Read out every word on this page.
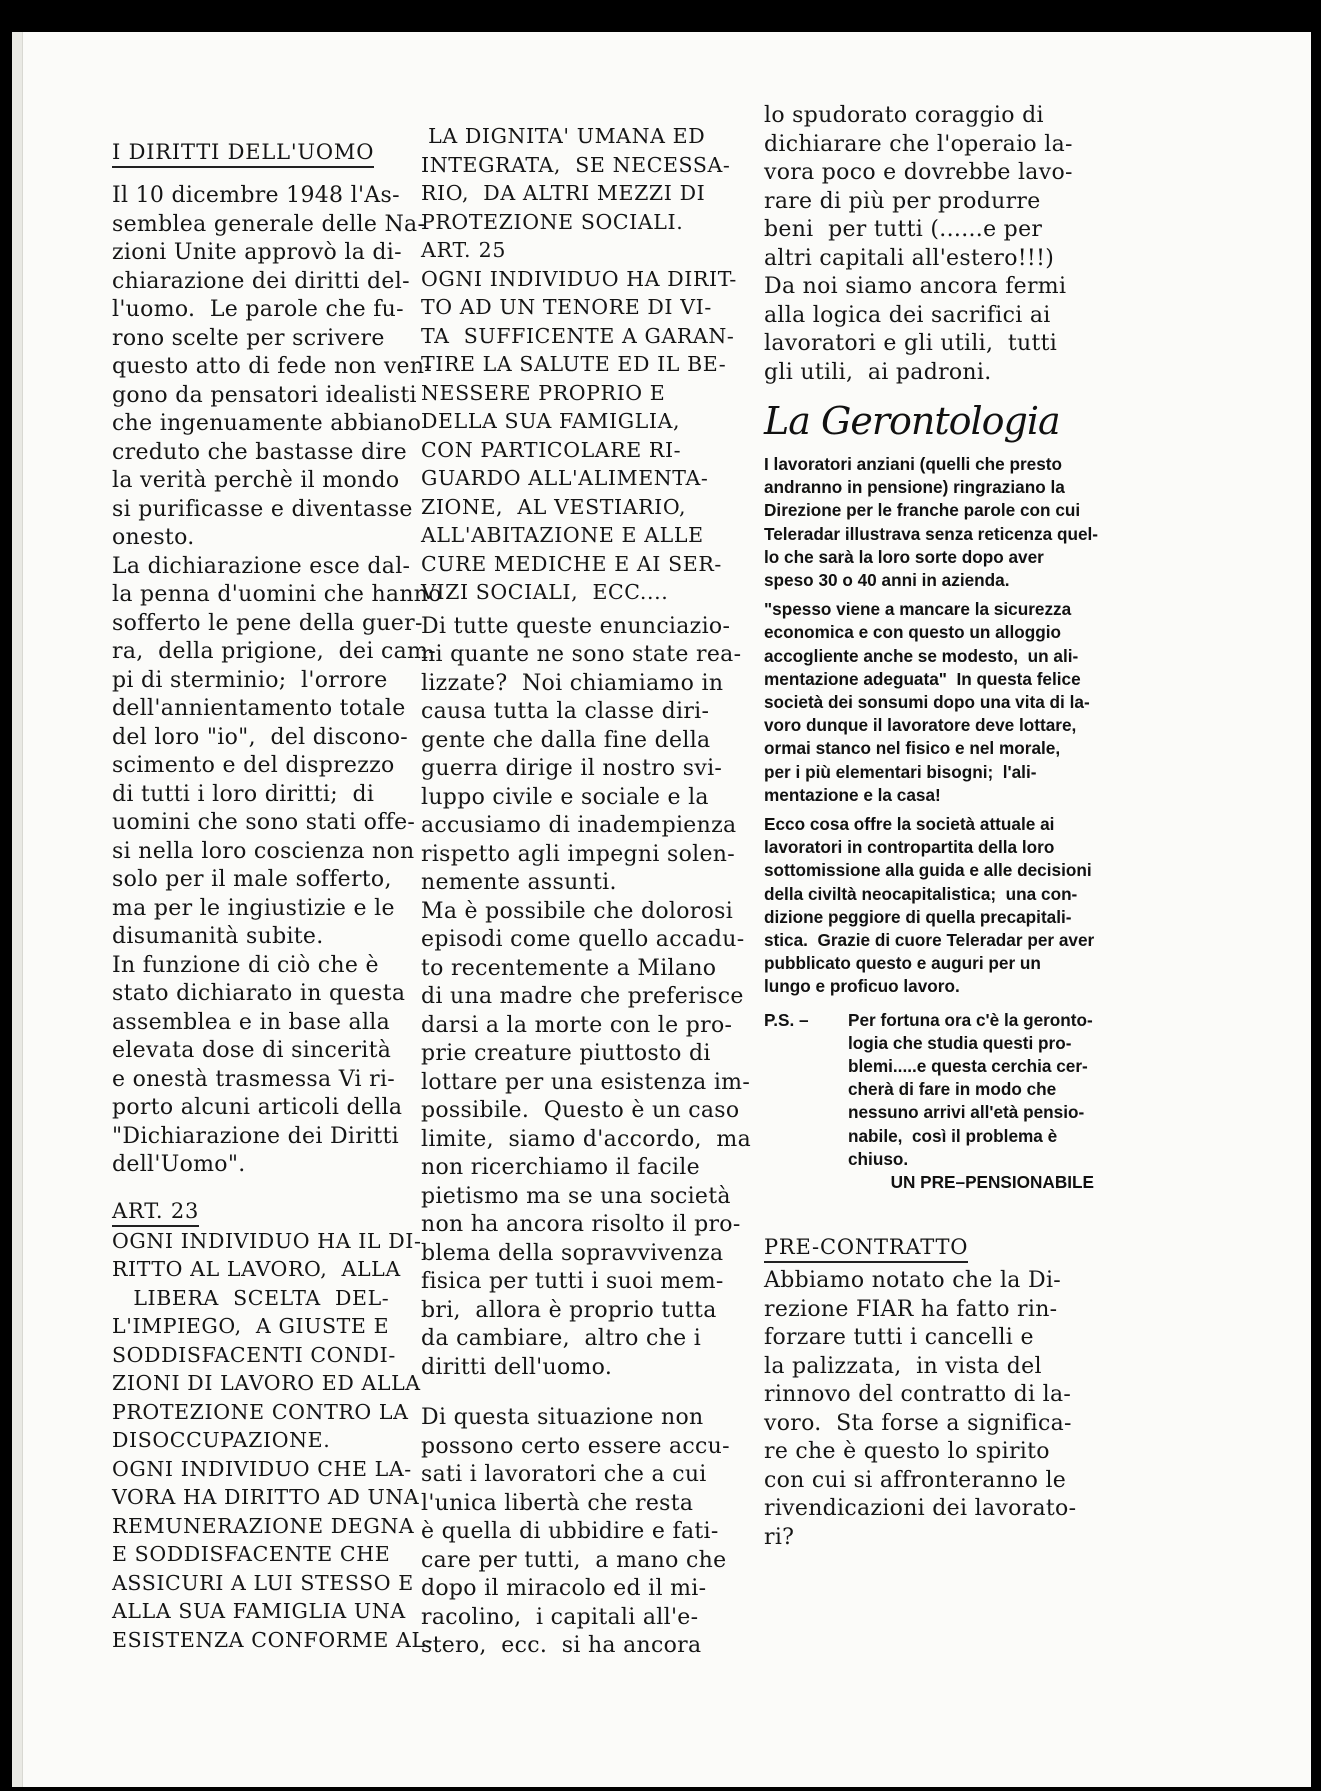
I DIRITTI DELL'UOMO

Il 10 dicembre 1948 l'As-

semblea generale delle Na-

zioni Unite approvò la di-

chiarazione dei diritti del-

l'uomo.  Le parole che fu-

rono scelte per scrivere

questo atto di fede non ven-

gono da pensatori idealisti

che ingenuamente abbiano

creduto che bastasse dire

la verità perchè il mondo

si purificasse e diventasse

onesto.

La dichiarazione esce dal-

la penna d'uomini che hanno

sofferto le pene della guer-

ra,  della prigione,  dei cam-

pi di sterminio;  l'orrore

dell'annientamento totale

del loro "io",  del discono-

scimento e del disprezzo

di tutti i loro diritti;  di

uomini che sono stati offe-

si nella loro coscienza non

solo per il male sofferto,

ma per le ingiustizie e le

disumanità subite.

In funzione di ciò che è

stato dichiarato in questa

assemblea e in base alla

elevata dose di sincerità

e onestà trasmessa Vi ri-

porto alcuni articoli della

"Dichiarazione dei Diritti

dell'Uomo".

ART. 23

OGNI INDIVIDUO HA IL DI-

RITTO AL LAVORO,  ALLA

LIBERA  SCELTA  DEL-

L'IMPIEGO,  A GIUSTE E

SODDISFACENTI CONDI-

ZIONI DI LAVORO ED ALLA

PROTEZIONE CONTRO LA

DISOCCUPAZIONE.

OGNI INDIVIDUO CHE LA-

VORA HA DIRITTO AD UNA

REMUNERAZIONE DEGNA

E SODDISFACENTE CHE

ASSICURI A LUI STESSO E

ALLA SUA FAMIGLIA UNA

ESISTENZA CONFORME AL-

LA DIGNITA' UMANA ED

INTEGRATA,  SE NECESSA-

RIO,  DA ALTRI MEZZI DI

PROTEZIONE SOCIALI.

ART. 25

OGNI INDIVIDUO HA DIRIT-

TO AD UN TENORE DI VI-

TA  SUFFICENTE A GARAN-

TIRE LA SALUTE ED IL BE-

NESSERE PROPRIO E

DELLA SUA FAMIGLIA,

CON PARTICOLARE RI-

GUARDO ALL'ALIMENTA-

ZIONE,  AL VESTIARIO,

ALL'ABITAZIONE E ALLE

CURE MEDICHE E AI SER-

VIZI SOCIALI,  ECC....

Di tutte queste enunciazio-

ni quante ne sono state rea-

lizzate?  Noi chiamiamo in

causa tutta la classe diri-

gente che dalla fine della

guerra dirige il nostro svi-

luppo civile e sociale e la

accusiamo di inadempienza

rispetto agli impegni solen-

nemente assunti.

Ma è possibile che dolorosi

episodi come quello accadu-

to recentemente a Milano

di una madre che preferisce

darsi a la morte con le pro-

prie creature piuttosto di

lottare per una esistenza im-

possibile.  Questo è un caso

limite,  siamo d'accordo,  ma

non ricerchiamo il facile

pietismo ma se una società

non ha ancora risolto il pro-

blema della sopravvivenza

fisica per tutti i suoi mem-

bri,  allora è proprio tutta

da cambiare,  altro che i

diritti dell'uomo.

Di questa situazione non

possono certo essere accu-

sati i lavoratori che a cui

l'unica libertà che resta

è quella di ubbidire e fati-

care per tutti,  a mano che

dopo il miracolo ed il mi-

racolino,  i capitali all'e-

stero,  ecc.  si ha ancora

lo spudorato coraggio di

dichiarare che l'operaio la-

vora poco e dovrebbe lavo-

rare di più per produrre

beni  per tutti (......e per

altri capitali all'estero!!!)

Da noi siamo ancora fermi

alla logica dei sacrifici ai

lavoratori e gli utili,  tutti

gli utili,  ai padroni.

La Gerontologia

I lavoratori anziani (quelli che presto

andranno in pensione) ringraziano la

Direzione per le franche parole con cui

Teleradar illustrava senza reticenza quel-

lo che sarà la loro sorte dopo aver

speso 30 o 40 anni in azienda.

"spesso viene a mancare la sicurezza

economica e con questo un alloggio

accogliente anche se modesto,  un ali-

mentazione adeguata"  In questa felice

società dei sonsumi dopo una vita di la-

voro dunque il lavoratore deve lottare,

ormai stanco nel fisico e nel morale,

per i più elementari bisogni;  l'ali-

mentazione e la casa!

Ecco cosa offre la società attuale ai

lavoratori in contropartita della loro

sottomissione alla guida e alle decisioni

della civiltà neocapitalistica;  una con-

dizione peggiore di quella precapitali-

stica.  Grazie di cuore Teleradar per aver

pubblicato questo e auguri per un

lungo e proficuo lavoro.

P.S. –	Per fortuna ora c'è la geronto-

logia che studia questi pro-

blemi.....e questa cerchia cer-

cherà di fare in modo che

nessuno arrivi all'età pensio-

nabile,  così il problema è

chiuso.

UN PRE–PENSIONABILE
PRE-CONTRATTO

Abbiamo notato che la Di-

rezione FIAR ha fatto rin-

forzare tutti i cancelli e

la palizzata,  in vista del

rinnovo del contratto di la-

voro.  Sta forse a significa-

re che è questo lo spirito

con cui si affronteranno le

rivendicazioni dei lavorato-

ri?
